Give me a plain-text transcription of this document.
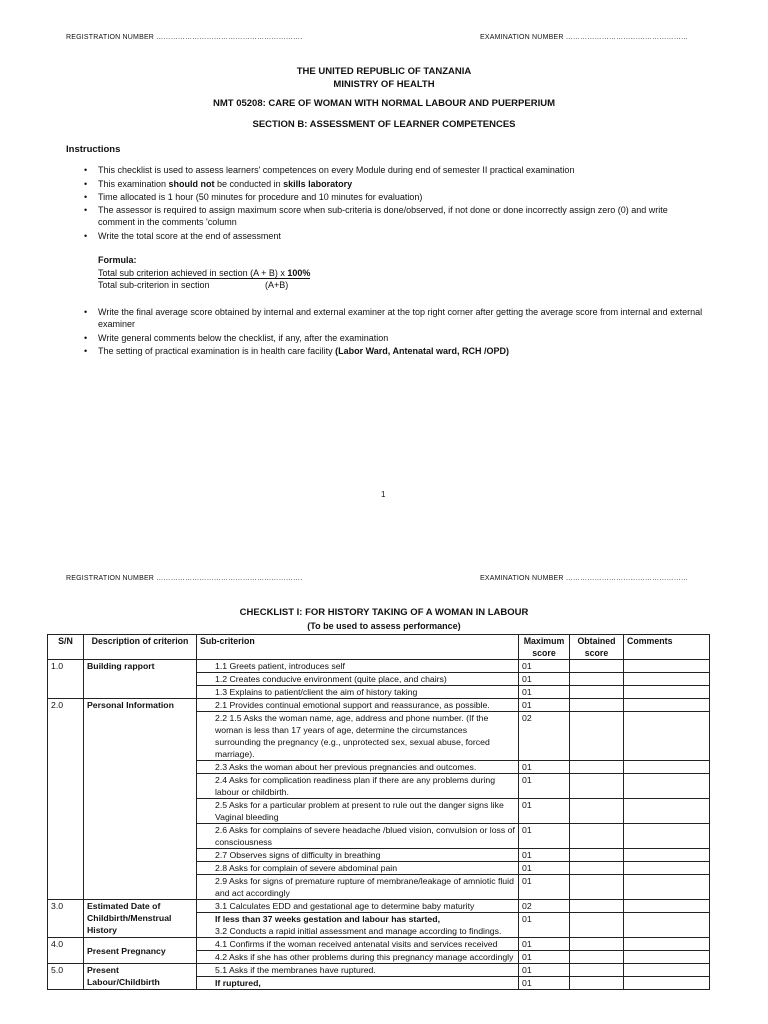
REGISTRATION NUMBER …………………………………………………….	EXAMINATION NUMBER ……………………………………………
THE UNITED REPUBLIC OF TANZANIA
MINISTRY OF HEALTH
NMT 05208: CARE OF WOMAN WITH NORMAL LABOUR AND PUERPERIUM
SECTION B: ASSESSMENT OF LEARNER COMPETENCES
Instructions
• This checklist is used to assess learners' competences on every Module during end of semester II practical examination
• This examination should not be conducted in skills laboratory
• Time allocated is 1 hour (50 minutes for procedure and 10 minutes for evaluation)
• The assessor is required to assign maximum score when sub-criteria is done/observed, if not done or done incorrectly assign zero (0) and write comment in the comments 'column
• Write the total score at the end of assessment
Formula:
Total sub criterion achieved in section (A + B) x 100%
Total sub-criterion in section	(A+B)
• Write the final average score obtained by internal and external examiner at the top right corner after getting the average score from internal and external examiner
• Write general comments below the checklist, if any, after the examination
• The setting of practical examination is in health care facility (Labor Ward, Antenatal ward, RCH /OPD)
1
REGISTRATION NUMBER …………………………………………………….	EXAMINATION NUMBER ……………………………………………
CHECKLIST I: FOR HISTORY TAKING OF A WOMAN IN LABOUR
(To be used to assess performance)
S/N	Description of criterion	Sub-criterion	Maximum score	Obtained score	Comments
1.0	Building rapport	1.1 Greets patient, introduces self	01		

		1.2 Creates conducive environment (quite place, and chairs)	01		

		1.3 Explains to patient/client the aim of history taking	01		
2.0	Personal Information	2.1 Provides continual emotional support and reassurance, as possible.	01		

		2.2 1.5 Asks the woman name, age, address and phone number. (If the woman is less than 17 years of age, determine the circumstances surrounding the pregnancy (e.g., unprotected sex, sexual abuse, forced marriage).	02		

		2.3 Asks the woman about her previous pregnancies and outcomes.	01		

		2.4 Asks for complication readiness plan if there are any problems during labour or childbirth.	01		

		2.5 Asks for a particular problem at present to rule out the danger signs like Vaginal bleeding	01		

		2.6 Asks for complains of severe headache /blued vision, convulsion or loss of consciousness	01		

		2.7 Observes signs of difficulty in breathing	01		

		2.8 Asks for complain of severe abdominal pain	01		

		2.9 Asks for signs of premature rupture of membrane/leakage of amniotic fluid and act accordingly	01		
3.0	Estimated Date of Childbirth/Menstrual History	3.1 Calculates EDD and gestational age to determine baby maturity	02		

		If less than 37 weeks gestation and labour has started,	01		

		3.2 Conducts a rapid initial assessment and manage according to findings.			

4.0	Present Pregnancy	4.1 Confirms if the woman received antenatal visits and services received	01		

		4.2 Asks if she has other problems during this pregnancy manage accordingly	01		
5.0	Present Labour/Childbirth	5.1 Asks if the membranes have ruptured.	01		

		If ruptured,	01		
